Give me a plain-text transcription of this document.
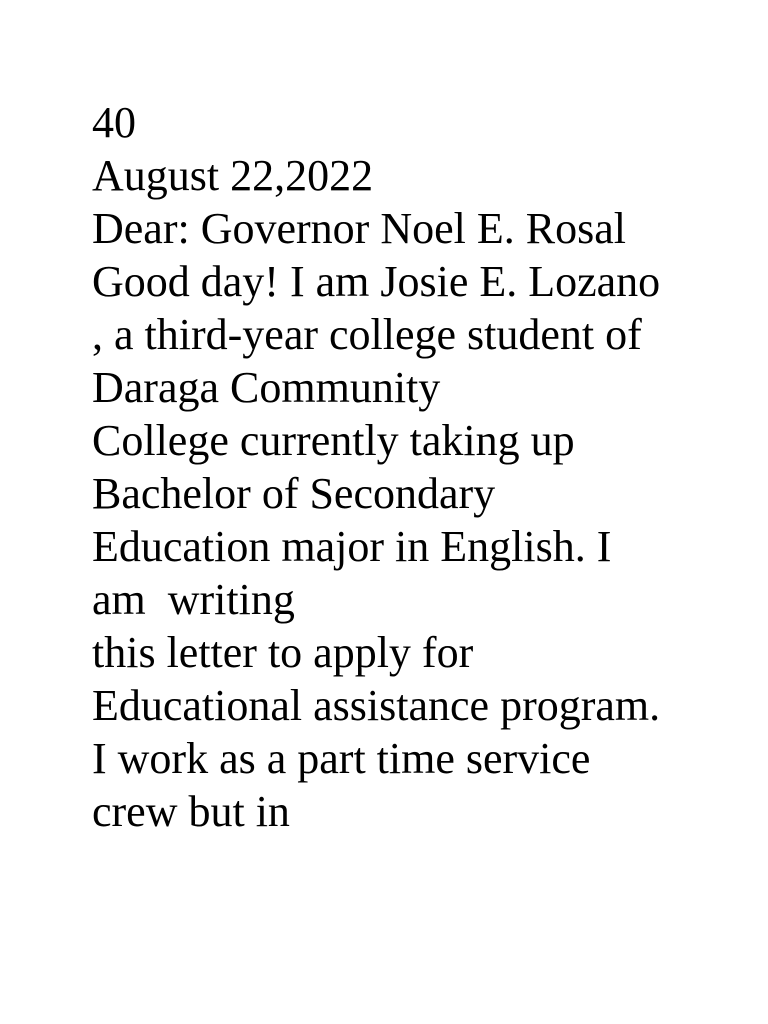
40
August 22,2022
Dear: Governor Noel E. Rosal
Good day! I am Josie E. Lozano
, a third-year college student of
Daraga Community
College currently taking up
Bachelor of Secondary
Education major in English. I
am  writing
this letter to apply for
Educational assistance program.
I work as a part time service
crew but in
